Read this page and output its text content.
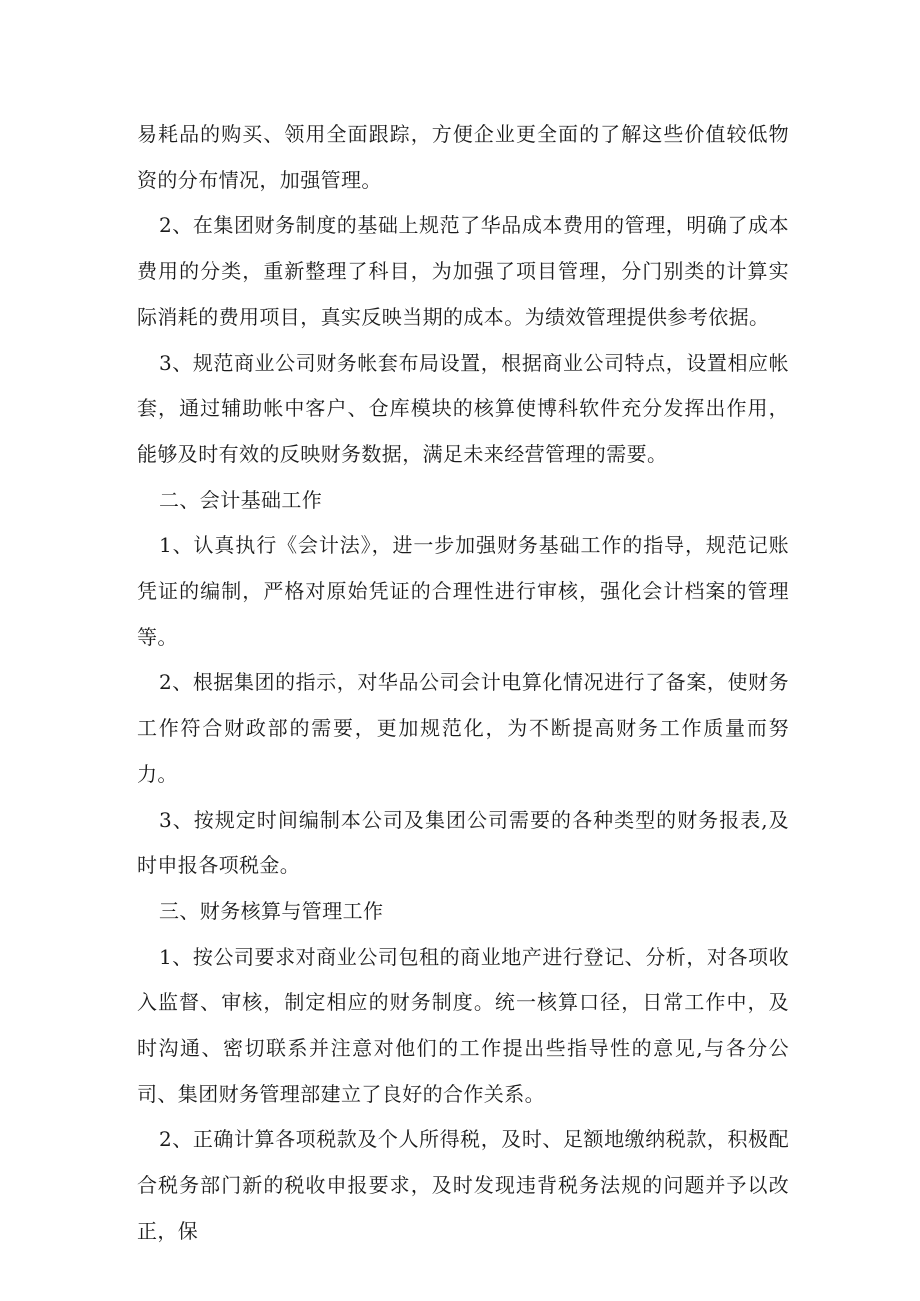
易耗品的购买、领用全面跟踪，方便企业更全面的了解这些价值较低物资的分布情况，加强管理。

2、在集团财务制度的基础上规范了华品成本费用的管理，明确了成本费用的分类，重新整理了科目，为加强了项目管理，分门别类的计算实际消耗的费用项目，真实反映当期的成本。为绩效管理提供参考依据。

3、规范商业公司财务帐套布局设置，根据商业公司特点，设置相应帐套，通过辅助帐中客户、仓库模块的核算使博科软件充分发挥出作用，能够及时有效的反映财务数据，满足未来经营管理的需要。

二、会计基础工作

1、认真执行《会计法》，进一步加强财务基础工作的指导，规范记账凭证的编制，严格对原始凭证的合理性进行审核，强化会计档案的管理等。

2、根据集团的指示，对华品公司会计电算化情况进行了备案，使财务工作符合财政部的需要，更加规范化，为不断提高财务工作质量而努力。

3、按规定时间编制本公司及集团公司需要的各种类型的财务报表,及时申报各项税金。

三、财务核算与管理工作

1、按公司要求对商业公司包租的商业地产进行登记、分析，对各项收入监督、审核，制定相应的财务制度。统一核算口径，日常工作中，及时沟通、密切联系并注意对他们的工作提出些指导性的意见,与各分公司、集团财务管理部建立了良好的合作关系。

2、正确计算各项税款及个人所得税，及时、足额地缴纳税款，积极配合税务部门新的税收申报要求，及时发现违背税务法规的问题并予以改正，保
